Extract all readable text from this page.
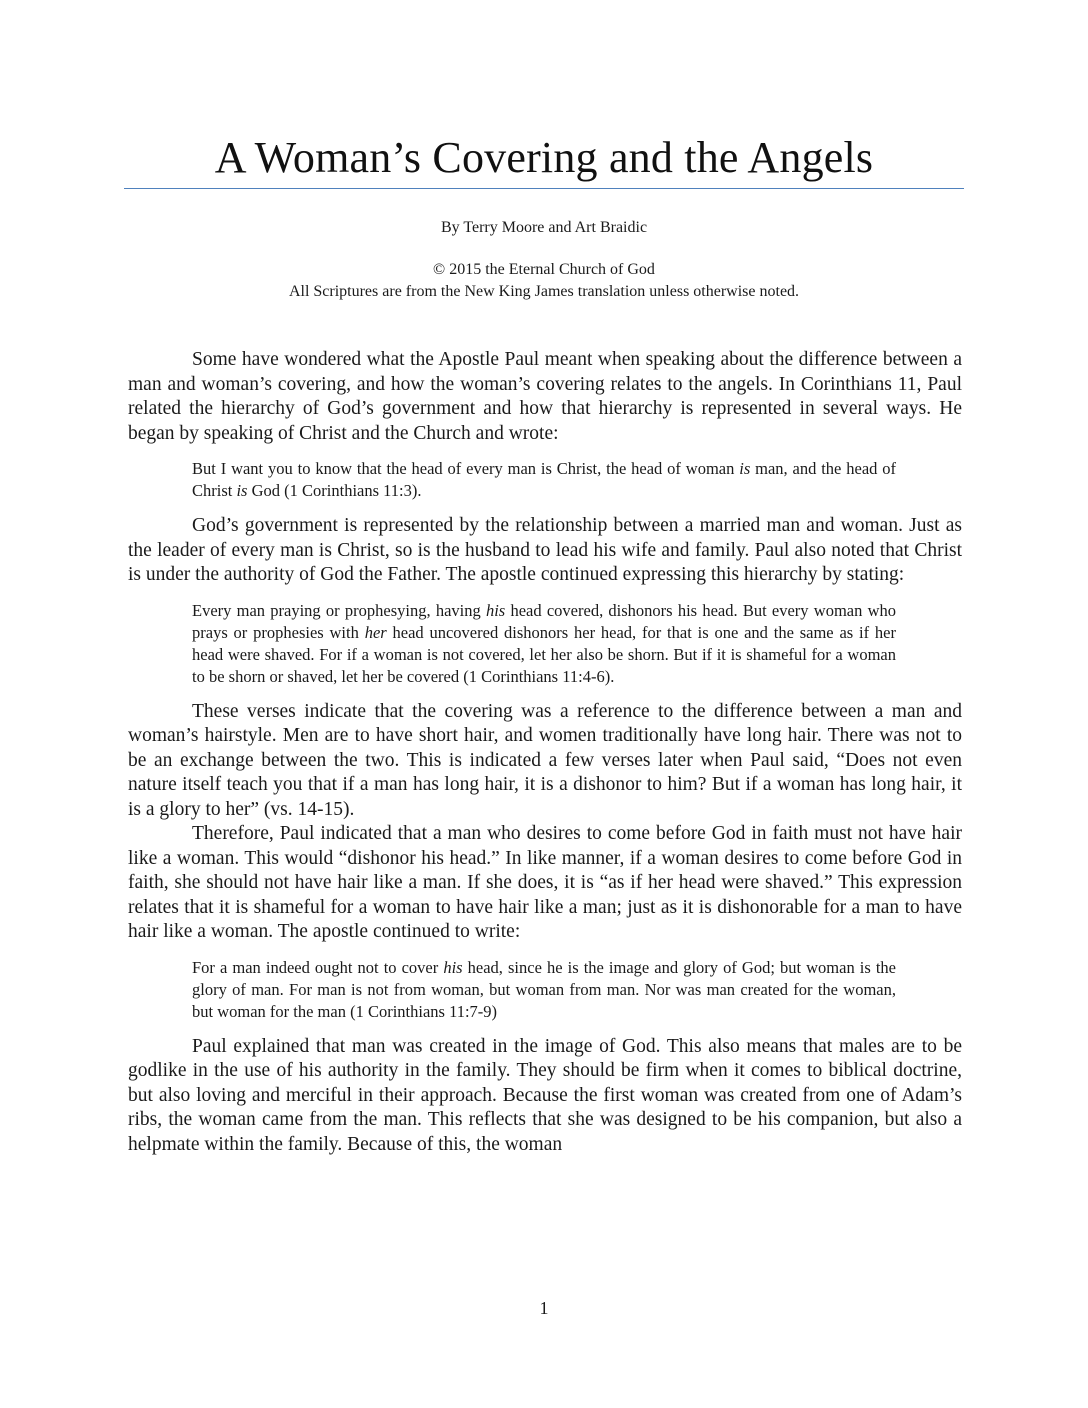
A Woman’s Covering and the Angels
By Terry Moore and Art Braidic
© 2015 the Eternal Church of God
All Scriptures are from the New King James translation unless otherwise noted.

Some have wondered what the Apostle Paul meant when speaking about the difference between a man and woman’s covering, and how the woman’s covering relates to the angels. In Corinthians 11, Paul related the hierarchy of God’s government and how that hierarchy is represented in several ways. He began by speaking of Christ and the Church and wrote:

But I want you to know that the head of every man is Christ, the head of woman is man, and the head of Christ is God (1 Corinthians 11:3).

God’s government is represented by the relationship between a married man and woman. Just as the leader of every man is Christ, so is the husband to lead his wife and family. Paul also noted that Christ is under the authority of God the Father. The apostle continued expressing this hierarchy by stating:

Every man praying or prophesying, having his head covered, dishonors his head. But every woman who prays or prophesies with her head uncovered dishonors her head, for that is one and the same as if her head were shaved. For if a woman is not covered, let her also be shorn. But if it is shameful for a woman to be shorn or shaved, let her be covered (1 Corinthians 11:4-6).

These verses indicate that the covering was a reference to the difference between a man and woman’s hairstyle. Men are to have short hair, and women traditionally have long hair. There was not to be an exchange between the two. This is indicated a few verses later when Paul said, “Does not even nature itself teach you that if a man has long hair, it is a dishonor to him? But if a woman has long hair, it is a glory to her” (vs. 14-15).

Therefore, Paul indicated that a man who desires to come before God in faith must not have hair like a woman. This would “dishonor his head.” In like manner, if a woman desires to come before God in faith, she should not have hair like a man. If she does, it is “as if her head were shaved.” This expression relates that it is shameful for a woman to have hair like a man; just as it is dishonorable for a man to have hair like a woman. The apostle continued to write:

For a man indeed ought not to cover his head, since he is the image and glory of God; but woman is the glory of man. For man is not from woman, but woman from man. Nor was man created for the woman, but woman for the man (1 Corinthians 11:7-9)

Paul explained that man was created in the image of God. This also means that males are to be godlike in the use of his authority in the family. They should be firm when it comes to biblical doctrine, but also loving and merciful in their approach. Because the first woman was created from one of Adam’s ribs, the woman came from the man. This reflects that she was designed to be his companion, but also a helpmate within the family. Because of this, the woman

1
